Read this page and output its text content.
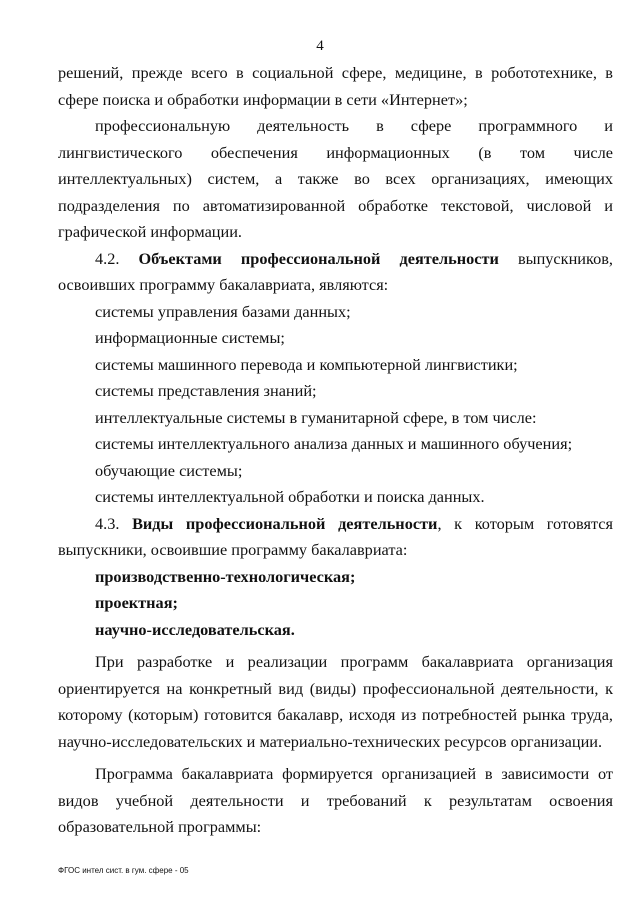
4

решений, прежде всего в социальной сфере, медицине, в робототехнике, в сфере поиска и обработки информации в сети «Интернет»;

профессиональную деятельность в сфере программного и лингвистического обеспечения информационных (в том числе интеллектуальных) систем, а также во всех организациях, имеющих подразделения по автоматизированной обработке текстовой, числовой и графической информации.

4.2. Объектами профессиональной деятельности выпускников, освоивших программу бакалавриата, являются:

системы управления базами данных;

информационные системы;

системы машинного перевода и компьютерной лингвистики;

системы представления знаний;

интеллектуальные системы в гуманитарной сфере, в том числе:

системы интеллектуального анализа данных и машинного обучения;

обучающие системы;

системы интеллектуальной обработки и поиска данных.

4.3. Виды профессиональной деятельности, к которым готовятся выпускники, освоившие программу бакалавриата:

производственно-технологическая;

проектная;

научно-исследовательская.

При разработке и реализации программ бакалавриата организация ориентируется на конкретный вид (виды) профессиональной деятельности, к которому (которым) готовится бакалавр, исходя из потребностей рынка труда, научно-исследовательских и материально-технических ресурсов организации.

Программа бакалавриата формируется организацией в зависимости от видов учебной деятельности и требований к результатам освоения образовательной программы:

ФГОС интел сист. в гум. сфере - 05
